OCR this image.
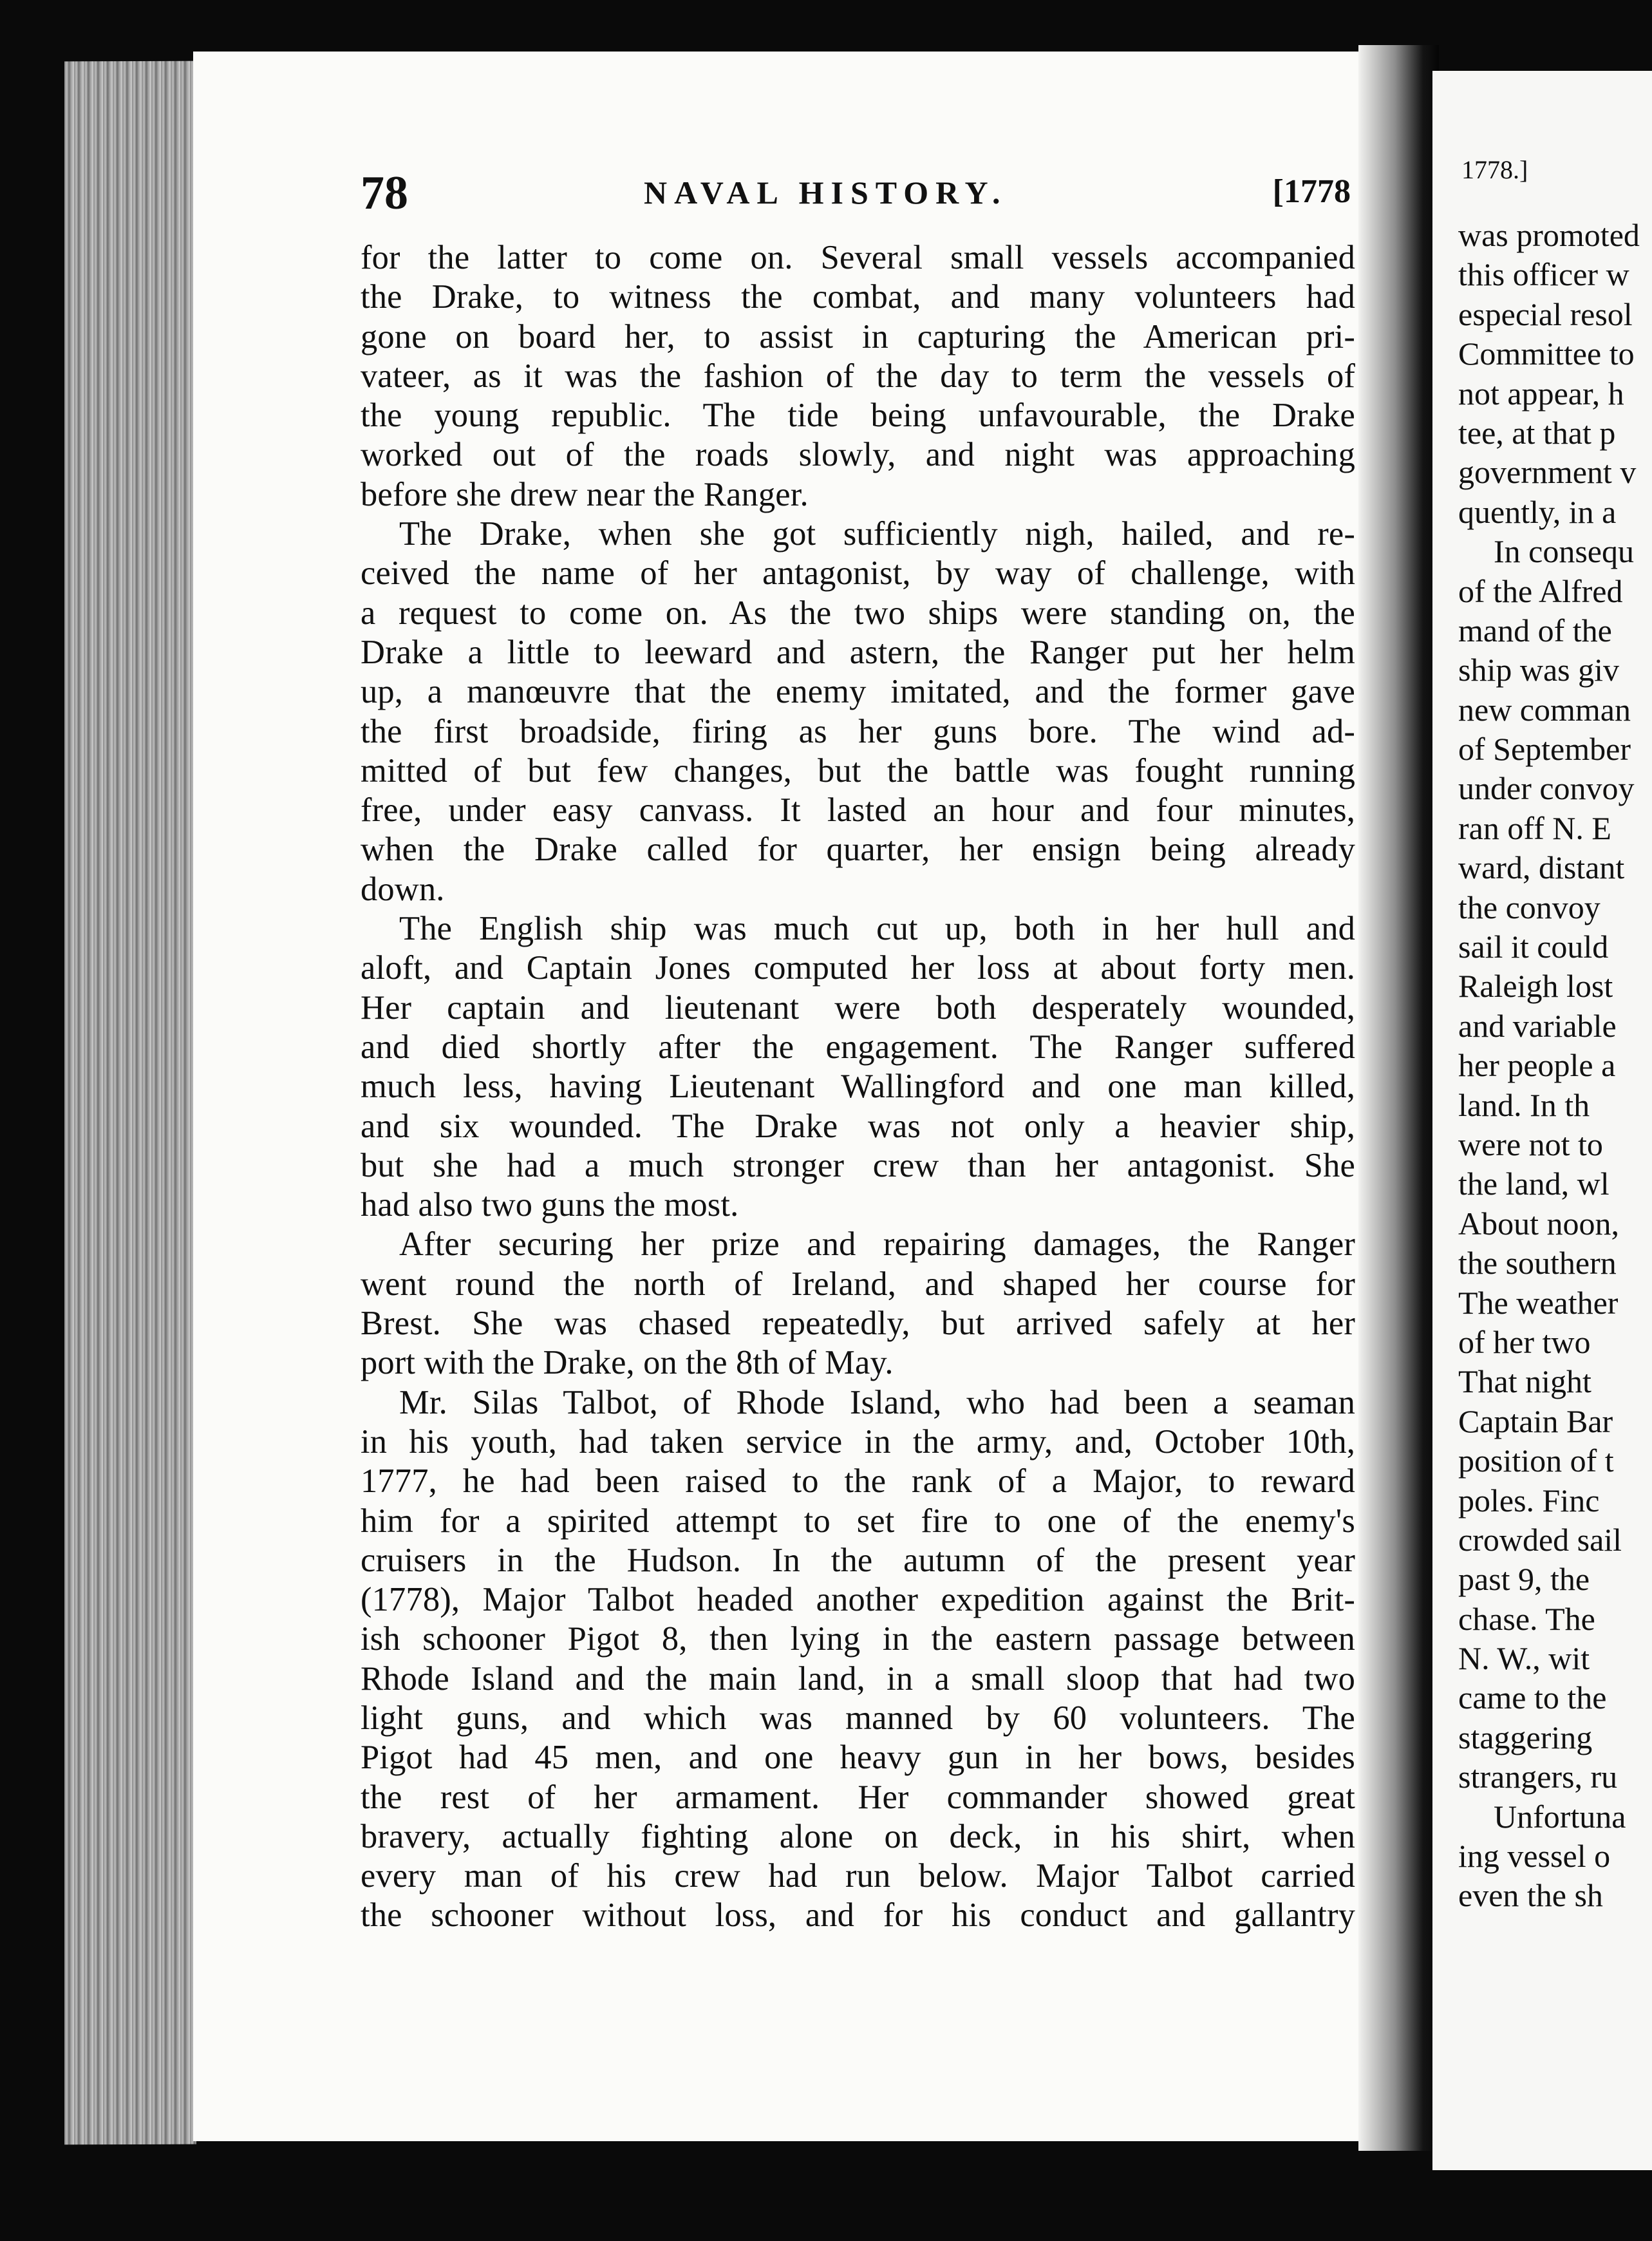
1778.]
was promoted
this officer w
especial resol
Committee to
not appear, h
tee, at that p
government v
quently, in a
In consequ
of the Alfred
mand of the
ship was giv
new comman
of September
under convoy
ran off N. E
ward, distant
the convoy
sail it could
Raleigh lost
and variable
her people a
land. In th
were not to
the land, wl
About noon,
the southern
The weather
of her two
That night
Captain Bar
position of t
poles. Finc
crowded sail
past 9, the
chase. The
N. W., wit
came to the
staggering
strangers, ru
Unfortuna
ing vessel o
even the sh
78	NAVAL HISTORY.	[1778
for the latter to come on. Several small vessels accompanied
the Drake, to witness the combat, and many volunteers had
gone on board her, to assist in capturing the American pri-
vateer, as it was the fashion of the day to term the vessels of
the young republic. The tide being unfavourable, the Drake
worked out of the roads slowly, and night was approaching
before she drew near the Ranger.
The Drake, when she got sufficiently nigh, hailed, and re-
ceived the name of her antagonist, by way of challenge, with
a request to come on. As the two ships were standing on, the
Drake a little to leeward and astern, the Ranger put her helm
up, a manœuvre that the enemy imitated, and the former gave
the first broadside, firing as her guns bore. The wind ad-
mitted of but few changes, but the battle was fought running
free, under easy canvass. It lasted an hour and four minutes,
when the Drake called for quarter, her ensign being already
down.
The English ship was much cut up, both in her hull and
aloft, and Captain Jones computed her loss at about forty men.
Her captain and lieutenant were both desperately wounded,
and died shortly after the engagement. The Ranger suffered
much less, having Lieutenant Wallingford and one man killed,
and six wounded. The Drake was not only a heavier ship,
but she had a much stronger crew than her antagonist. She
had also two guns the most.
After securing her prize and repairing damages, the Ranger
went round the north of Ireland, and shaped her course for
Brest. She was chased repeatedly, but arrived safely at her
port with the Drake, on the 8th of May.
Mr. Silas Talbot, of Rhode Island, who had been a seaman
in his youth, had taken service in the army, and, October 10th,
1777, he had been raised to the rank of a Major, to reward
him for a spirited attempt to set fire to one of the enemy's
cruisers in the Hudson. In the autumn of the present year
(1778), Major Talbot headed another expedition against the Brit-
ish schooner Pigot 8, then lying in the eastern passage between
Rhode Island and the main land, in a small sloop that had two
light guns, and which was manned by 60 volunteers. The
Pigot had 45 men, and one heavy gun in her bows, besides
the rest of her armament. Her commander showed great
bravery, actually fighting alone on deck, in his shirt, when
every man of his crew had run below. Major Talbot carried
the schooner without loss, and for his conduct and gallantry
